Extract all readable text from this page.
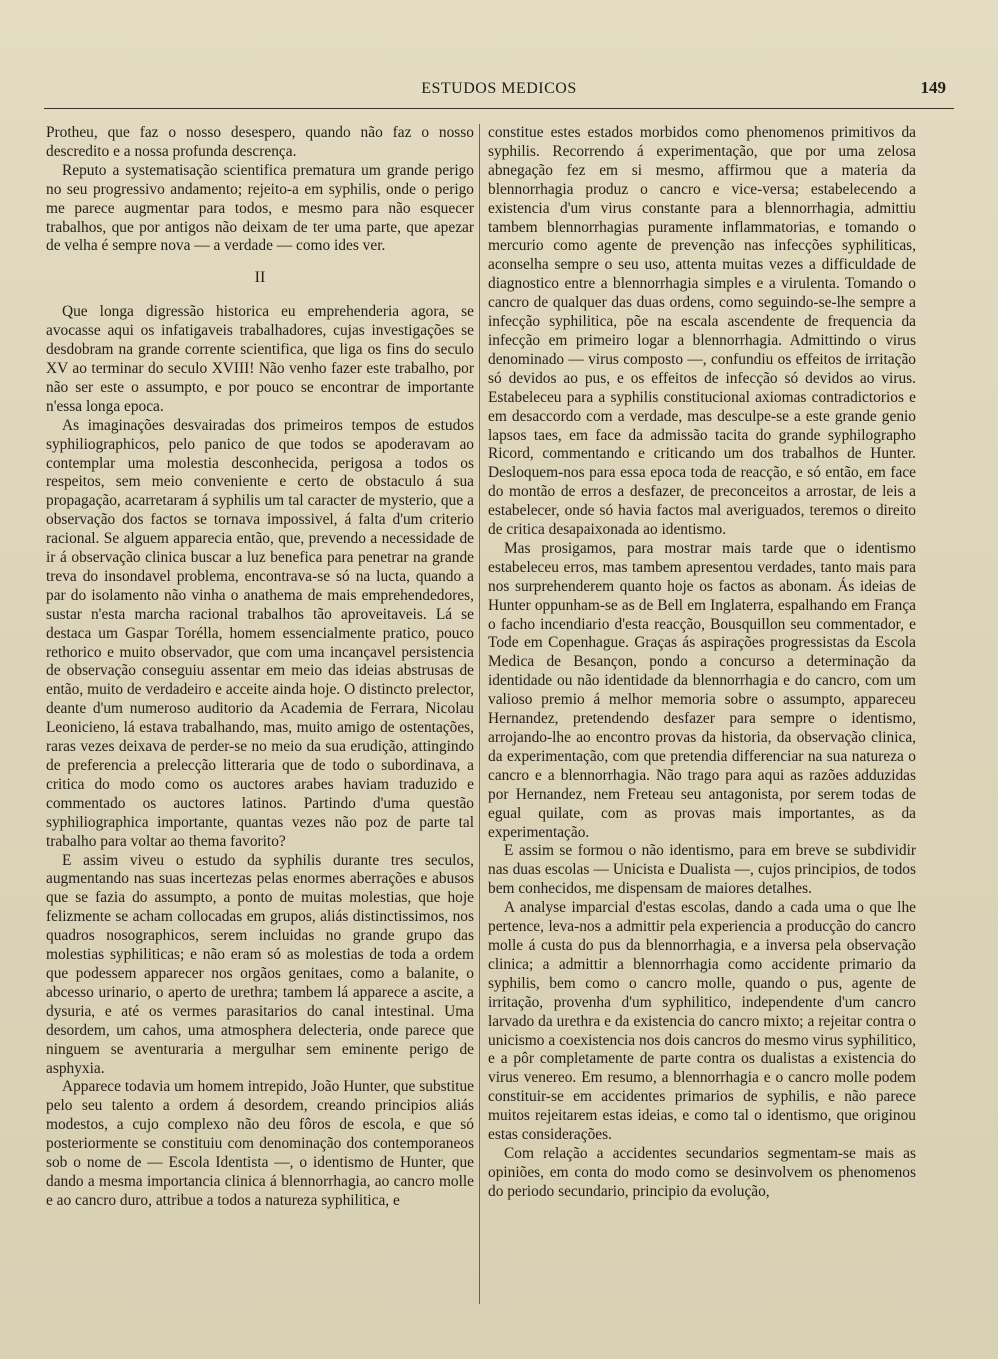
ESTUDOS MEDICOS	149

Protheu, que faz o nosso desespero, quando não faz o nosso descredito e a nossa profunda descrença.

Reputo a systematisação scientifica prematura um grande perigo no seu progressivo andamento; rejeito-a em syphilis, onde o perigo me parece augmentar para todos, e mesmo para não esquecer trabalhos, que por antigos não deixam de ter uma parte, que apezar de velha é sempre nova — a verdade — como ides ver.

II

Que longa digressão historica eu emprehenderia agora, se avocasse aqui os infatigaveis trabalhadores, cujas investigações se desdobram na grande corrente scientifica, que liga os fins do seculo XV ao terminar do seculo XVIII! Não venho fazer este trabalho, por não ser este o assumpto, e por pouco se encontrar de importante n'essa longa epoca.

As imaginações desvairadas dos primeiros tempos de estudos syphiliographicos, pelo panico de que todos se apoderavam ao contemplar uma molestia desconhecida, perigosa a todos os respeitos, sem meio conveniente e certo de obstaculo á sua propagação, acarretaram á syphilis um tal caracter de mysterio, que a observação dos factos se tornava impossivel, á falta d'um criterio racional. Se alguem apparecia então, que, prevendo a necessidade de ir á observação clinica buscar a luz benefica para penetrar na grande treva do insondavel problema, encontrava-se só na lucta, quando a par do isolamento não vinha o anathema de mais emprehendedores, sustar n'esta marcha racional trabalhos tão aproveitaveis. Lá se destaca um Gaspar Torélla, homem essencialmente pratico, pouco rethorico e muito observador, que com uma incançavel persistencia de observação conseguiu assentar em meio das ideias abstrusas de então, muito de verdadeiro e acceite ainda hoje. O distincto prelector, deante d'um numeroso auditorio da Academia de Ferrara, Nicolau Leonicieno, lá estava trabalhando, mas, muito amigo de ostentações, raras vezes deixava de perder-se no meio da sua erudição, attingindo de preferencia a prelecção litteraria que de todo o subordinava, a critica do modo como os auctores arabes haviam traduzido e commentado os auctores latinos. Partindo d'uma questão syphiliographica importante, quantas vezes não poz de parte tal trabalho para voltar ao thema favorito?

E assim viveu o estudo da syphilis durante tres seculos, augmentando nas suas incertezas pelas enormes aberrações e abusos que se fazia do assumpto, a ponto de muitas molestias, que hoje felizmente se acham collocadas em grupos, aliás distinctissimos, nos quadros nosographicos, serem incluidas no grande grupo das molestias syphiliticas; e não eram só as molestias de toda a ordem que podessem apparecer nos orgãos genitaes, como a balanite, o abcesso urinario, o aperto de urethra; tambem lá apparece a ascite, a dysuria, e até os vermes parasitarios do canal intestinal. Uma desordem, um cahos, uma atmosphera delecteria, onde parece que ninguem se aventuraria a mergulhar sem eminente perigo de asphyxia.

Apparece todavia um homem intrepido, João Hunter, que substitue pelo seu talento a ordem á desordem, creando principios aliás modestos, a cujo complexo não deu fôros de escola, e que só posteriormente se constituiu com denominação dos contemporaneos sob o nome de — Escola Identista —, o identismo de Hunter, que dando a mesma importancia clinica á blennorrhagia, ao cancro molle e ao cancro duro, attribue a todos a natureza syphilitica, e

constitue estes estados morbidos como phenomenos primitivos da syphilis. Recorrendo á experimentação, que por uma zelosa abnegação fez em si mesmo, affirmou que a materia da blennorrhagia produz o cancro e vice-versa; estabelecendo a existencia d'um virus constante para a blennorrhagia, admittiu tambem blennorrhagias puramente inflammatorias, e tomando o mercurio como agente de prevenção nas infecções syphiliticas, aconselha sempre o seu uso, attenta muitas vezes a difficuldade de diagnostico entre a blennorrhagia simples e a virulenta. Tomando o cancro de qualquer das duas ordens, como seguindo-se-lhe sempre a infecção syphilitica, põe na escala ascendente de frequencia da infecção em primeiro logar a blennorrhagia. Admittindo o virus denominado — virus composto —, confundiu os effeitos de irritação só devidos ao pus, e os effeitos de infecção só devidos ao virus. Estabeleceu para a syphilis constitucional axiomas contradictorios e em desaccordo com a verdade, mas desculpe-se a este grande genio lapsos taes, em face da admissão tacita do grande syphilographo Ricord, commentando e criticando um dos trabalhos de Hunter. Desloquem-nos para essa epoca toda de reacção, e só então, em face do montão de erros a desfazer, de preconceitos a arrostar, de leis a estabelecer, onde só havia factos mal averiguados, teremos o direito de critica desapaixonada ao identismo.

Mas prosigamos, para mostrar mais tarde que o identismo estabeleceu erros, mas tambem apresentou verdades, tanto mais para nos surprehenderem quanto hoje os factos as abonam. Ás ideias de Hunter oppunham-se as de Bell em Inglaterra, espalhando em França o facho incendiario d'esta reacção, Bousquillon seu commentador, e Tode em Copenhague. Graças ás aspirações progressistas da Escola Medica de Besançon, pondo a concurso a determinação da identidade ou não identidade da blennorrhagia e do cancro, com um valioso premio á melhor memoria sobre o assumpto, appareceu Hernandez, pretendendo desfazer para sempre o identismo, arrojando-lhe ao encontro provas da historia, da observação clinica, da experimentação, com que pretendia differenciar na sua natureza o cancro e a blennorrhagia. Não trago para aqui as razões adduzidas por Hernandez, nem Freteau seu antagonista, por serem todas de egual quilate, com as provas mais importantes, as da experimentação.

E assim se formou o não identismo, para em breve se subdividir nas duas escolas — Unicista e Dualista —, cujos principios, de todos bem conhecidos, me dispensam de maiores detalhes.

A analyse imparcial d'estas escolas, dando a cada uma o que lhe pertence, leva-nos a admittir pela experiencia a producção do cancro molle á custa do pus da blennorrhagia, e a inversa pela observação clinica; a admittir a blennorrhagia como accidente primario da syphilis, bem como o cancro molle, quando o pus, agente de irritação, provenha d'um syphilitico, independente d'um cancro larvado da urethra e da existencia do cancro mixto; a rejeitar contra o unicismo a coexistencia nos dois cancros do mesmo virus syphilitico, e a pôr completamente de parte contra os dualistas a existencia do virus venereo. Em resumo, a blennorrhagia e o cancro molle podem constituir-se em accidentes primarios de syphilis, e não parece muitos rejeitarem estas ideias, e como tal o identismo, que originou estas considerações.

Com relação a accidentes secundarios segmentam-se mais as opiniões, em conta do modo como se desinvolvem os phenomenos do periodo secundario, principio da evolução,
